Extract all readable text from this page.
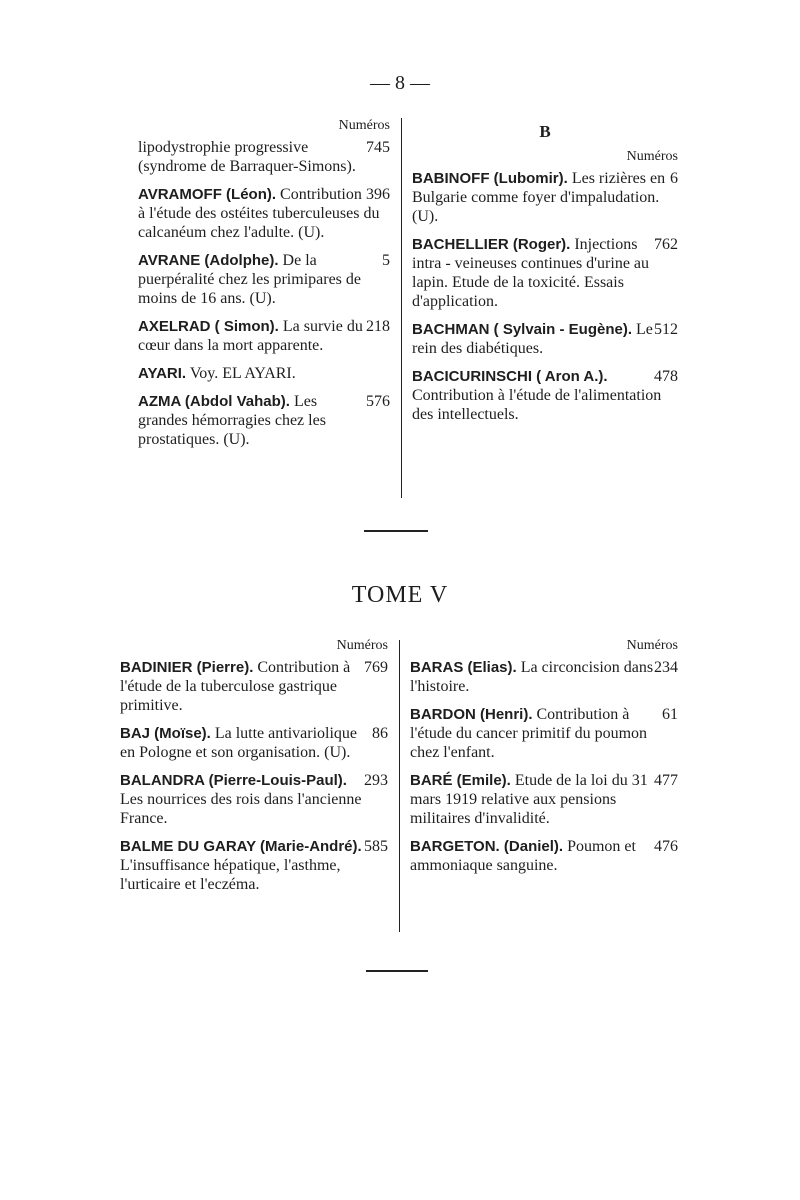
— 8 —
Numéros
745
lipodystrophie progressive (syndrome de Barraquer-Simons).
396
AVRAMOFF (Léon). Contribution à l'étude des ostéites tuberculeuses du calcanéum chez l'adulte. (U).
5
AVRANE (Adolphe). De la puerpéralité chez les primipares de moins de 16 ans. (U).
218
AXELRAD ( Simon). La survie du cœur dans la mort apparente.
AYARI. Voy. EL AYARI.
576
AZMA (Abdol Vahab). Les grandes hémorragies chez les prostatiques. (U).
B
Numéros
6
BABINOFF (Lubomir). Les rizières en Bulgarie comme foyer d'impaludation. (U).
762
BACHELLIER (Roger). Injections intra - veineuses continues d'urine au lapin. Etude de la toxicité. Essais d'application.
512
BACHMAN ( Sylvain - Eugène). Le rein des diabétiques.
478
BACICURINSCHI ( Aron A.). Contribution à l'étude de l'alimentation des intellectuels.
TOME V
Numéros
769
BADINIER (Pierre). Contribution à l'étude de la tuberculose gastrique primitive.
86
BAJ (Moïse). La lutte antivariolique en Pologne et son organisation. (U).
293
BALANDRA (Pierre-Louis-Paul). Les nourrices des rois dans l'ancienne France.
585
BALME DU GARAY (Marie-André). L'insuffisance hépatique, l'asthme, l'urticaire et l'eczéma.
Numéros
234
BARAS (Elias). La circoncision dans l'histoire.
61
BARDON (Henri). Contribution à l'étude du cancer primitif du poumon chez l'enfant.
477
BARÉ (Emile). Etude de la loi du 31 mars 1919 relative aux pensions militaires d'invalidité.
476
BARGETON. (Daniel). Poumon et ammoniaque sanguine.
